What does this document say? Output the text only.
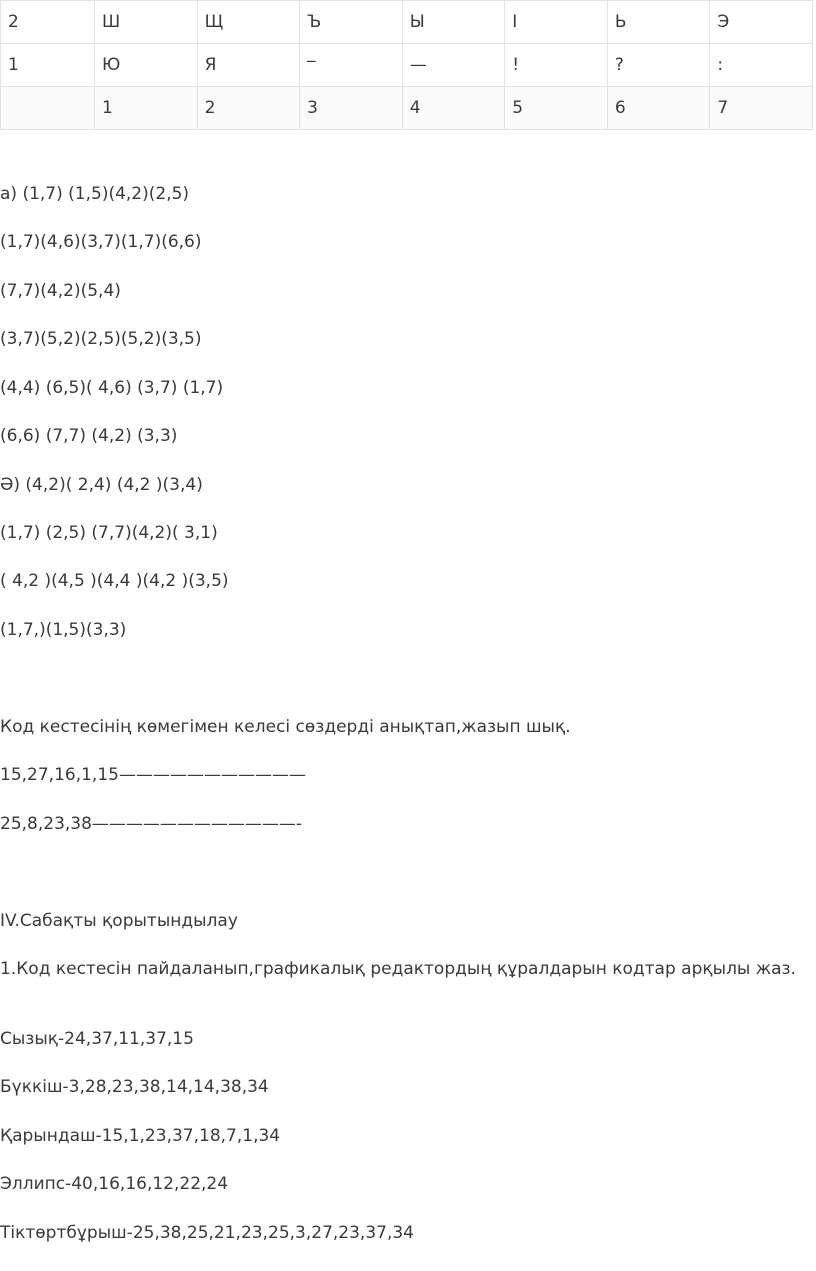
2	Ш	Щ	Ъ	Ы	І	Ь	Э
1	Ю	Я	_	—	!	?	:
	1	2	3	4	5	6	7

а) (1,7) (1,5)(4,2)(2,5)

(1,7)(4,6)(3,7)(1,7)(6,6)

(7,7)(4,2)(5,4)

(3,7)(5,2)(2,5)(5,2)(3,5)

(4,4) (6,5)( 4,6) (3,7) (1,7)

(6,6) (7,7) (4,2) (3,3)

Ә) (4,2)( 2,4) (4,2 )(3,4)

(1,7) (2,5) (7,7)(4,2)( 3,1)

( 4,2 )(4,5 )(4,4 )(4,2 )(3,5)

(1,7,)(1,5)(3,3)

Код кестесінің көмегімен келесі сөздерді анықтап,жазып шық.

15,27,16,1,15———————————

25,8,23,38————————————-

IV.Сабақты қорытындылау

1.Код кестесін пайдаланып,графикалық редактордың құралдарын кодтар арқылы жаз.

Сызық-24,37,11,37,15

Бүккіш-3,28,23,38,14,14,38,34

Қарындаш-15,1,23,37,18,7,1,34

Эллипс-40,16,16,12,22,24

Тіктөртбұрыш-25,38,25,21,23,25,3,27,23,37,34
